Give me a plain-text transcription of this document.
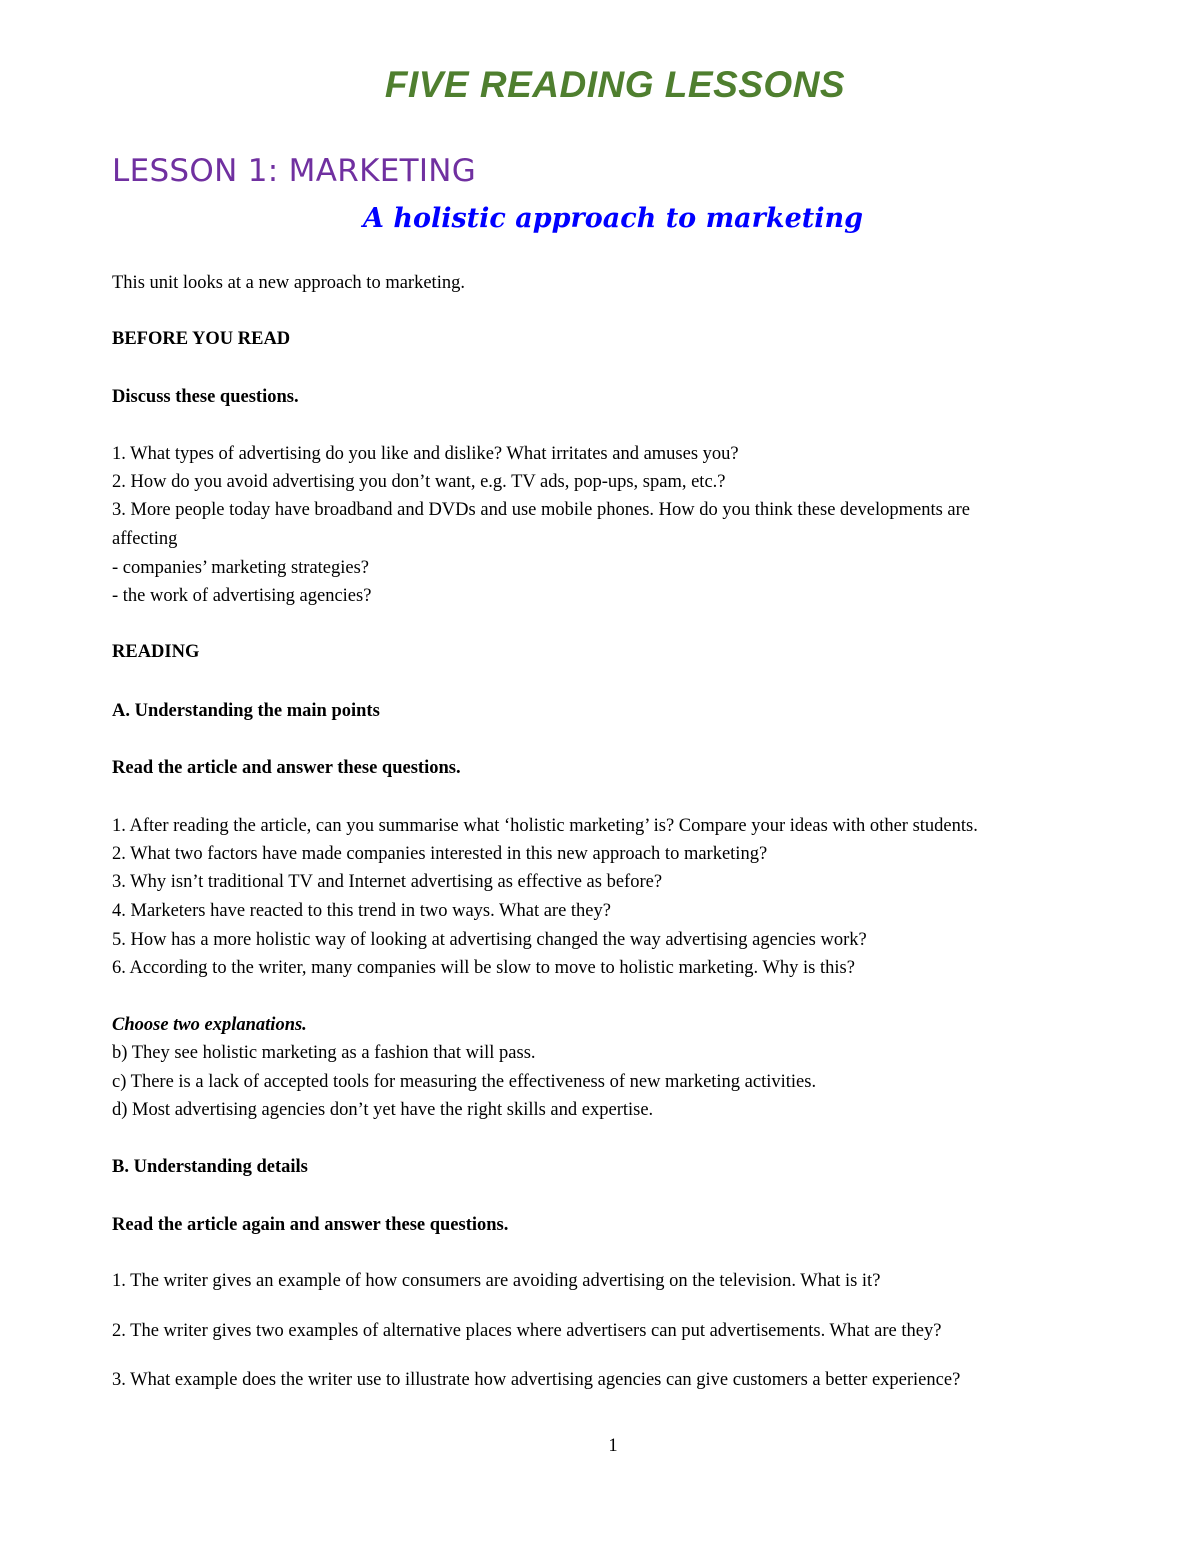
FIVE READING LESSONS
LESSON 1: MARKETING
A holistic approach to marketing
This unit looks at a new approach to marketing.
BEFORE YOU READ
Discuss these questions.
1. What types of advertising do you like and dislike? What irritates and amuses you?
2. How do you avoid advertising you don’t want, e.g. TV ads, pop-ups, spam, etc.?
3. More people today have broadband and DVDs and use mobile phones. How do you think these developments are
affecting
- companies’ marketing strategies?
- the work of advertising agencies?
READING
A. Understanding the main points
Read the article and answer these questions.
1. After reading the article, can you summarise what ‘holistic marketing’ is? Compare your ideas with other students.
2. What two factors have made companies interested in this new approach to marketing?
3. Why isn’t traditional TV and Internet advertising as effective as before?
4. Marketers have reacted to this trend in two ways. What are they?
5. How has a more holistic way of looking at advertising changed the way advertising agencies work?
6. According to the writer, many companies will be slow to move to holistic marketing. Why is this?
Choose two explanations.
b) They see holistic marketing as a fashion that will pass.
c) There is a lack of accepted tools for measuring the effectiveness of new marketing activities.
d) Most advertising agencies don’t yet have the right skills and expertise.
B. Understanding details
Read the article again and answer these questions.
1. The writer gives an example of how consumers are avoiding advertising on the television. What is it?
2. The writer gives two examples of alternative places where advertisers can put advertisements. What are they?
3. What example does the writer use to illustrate how advertising agencies can give customers a better experience?
1
